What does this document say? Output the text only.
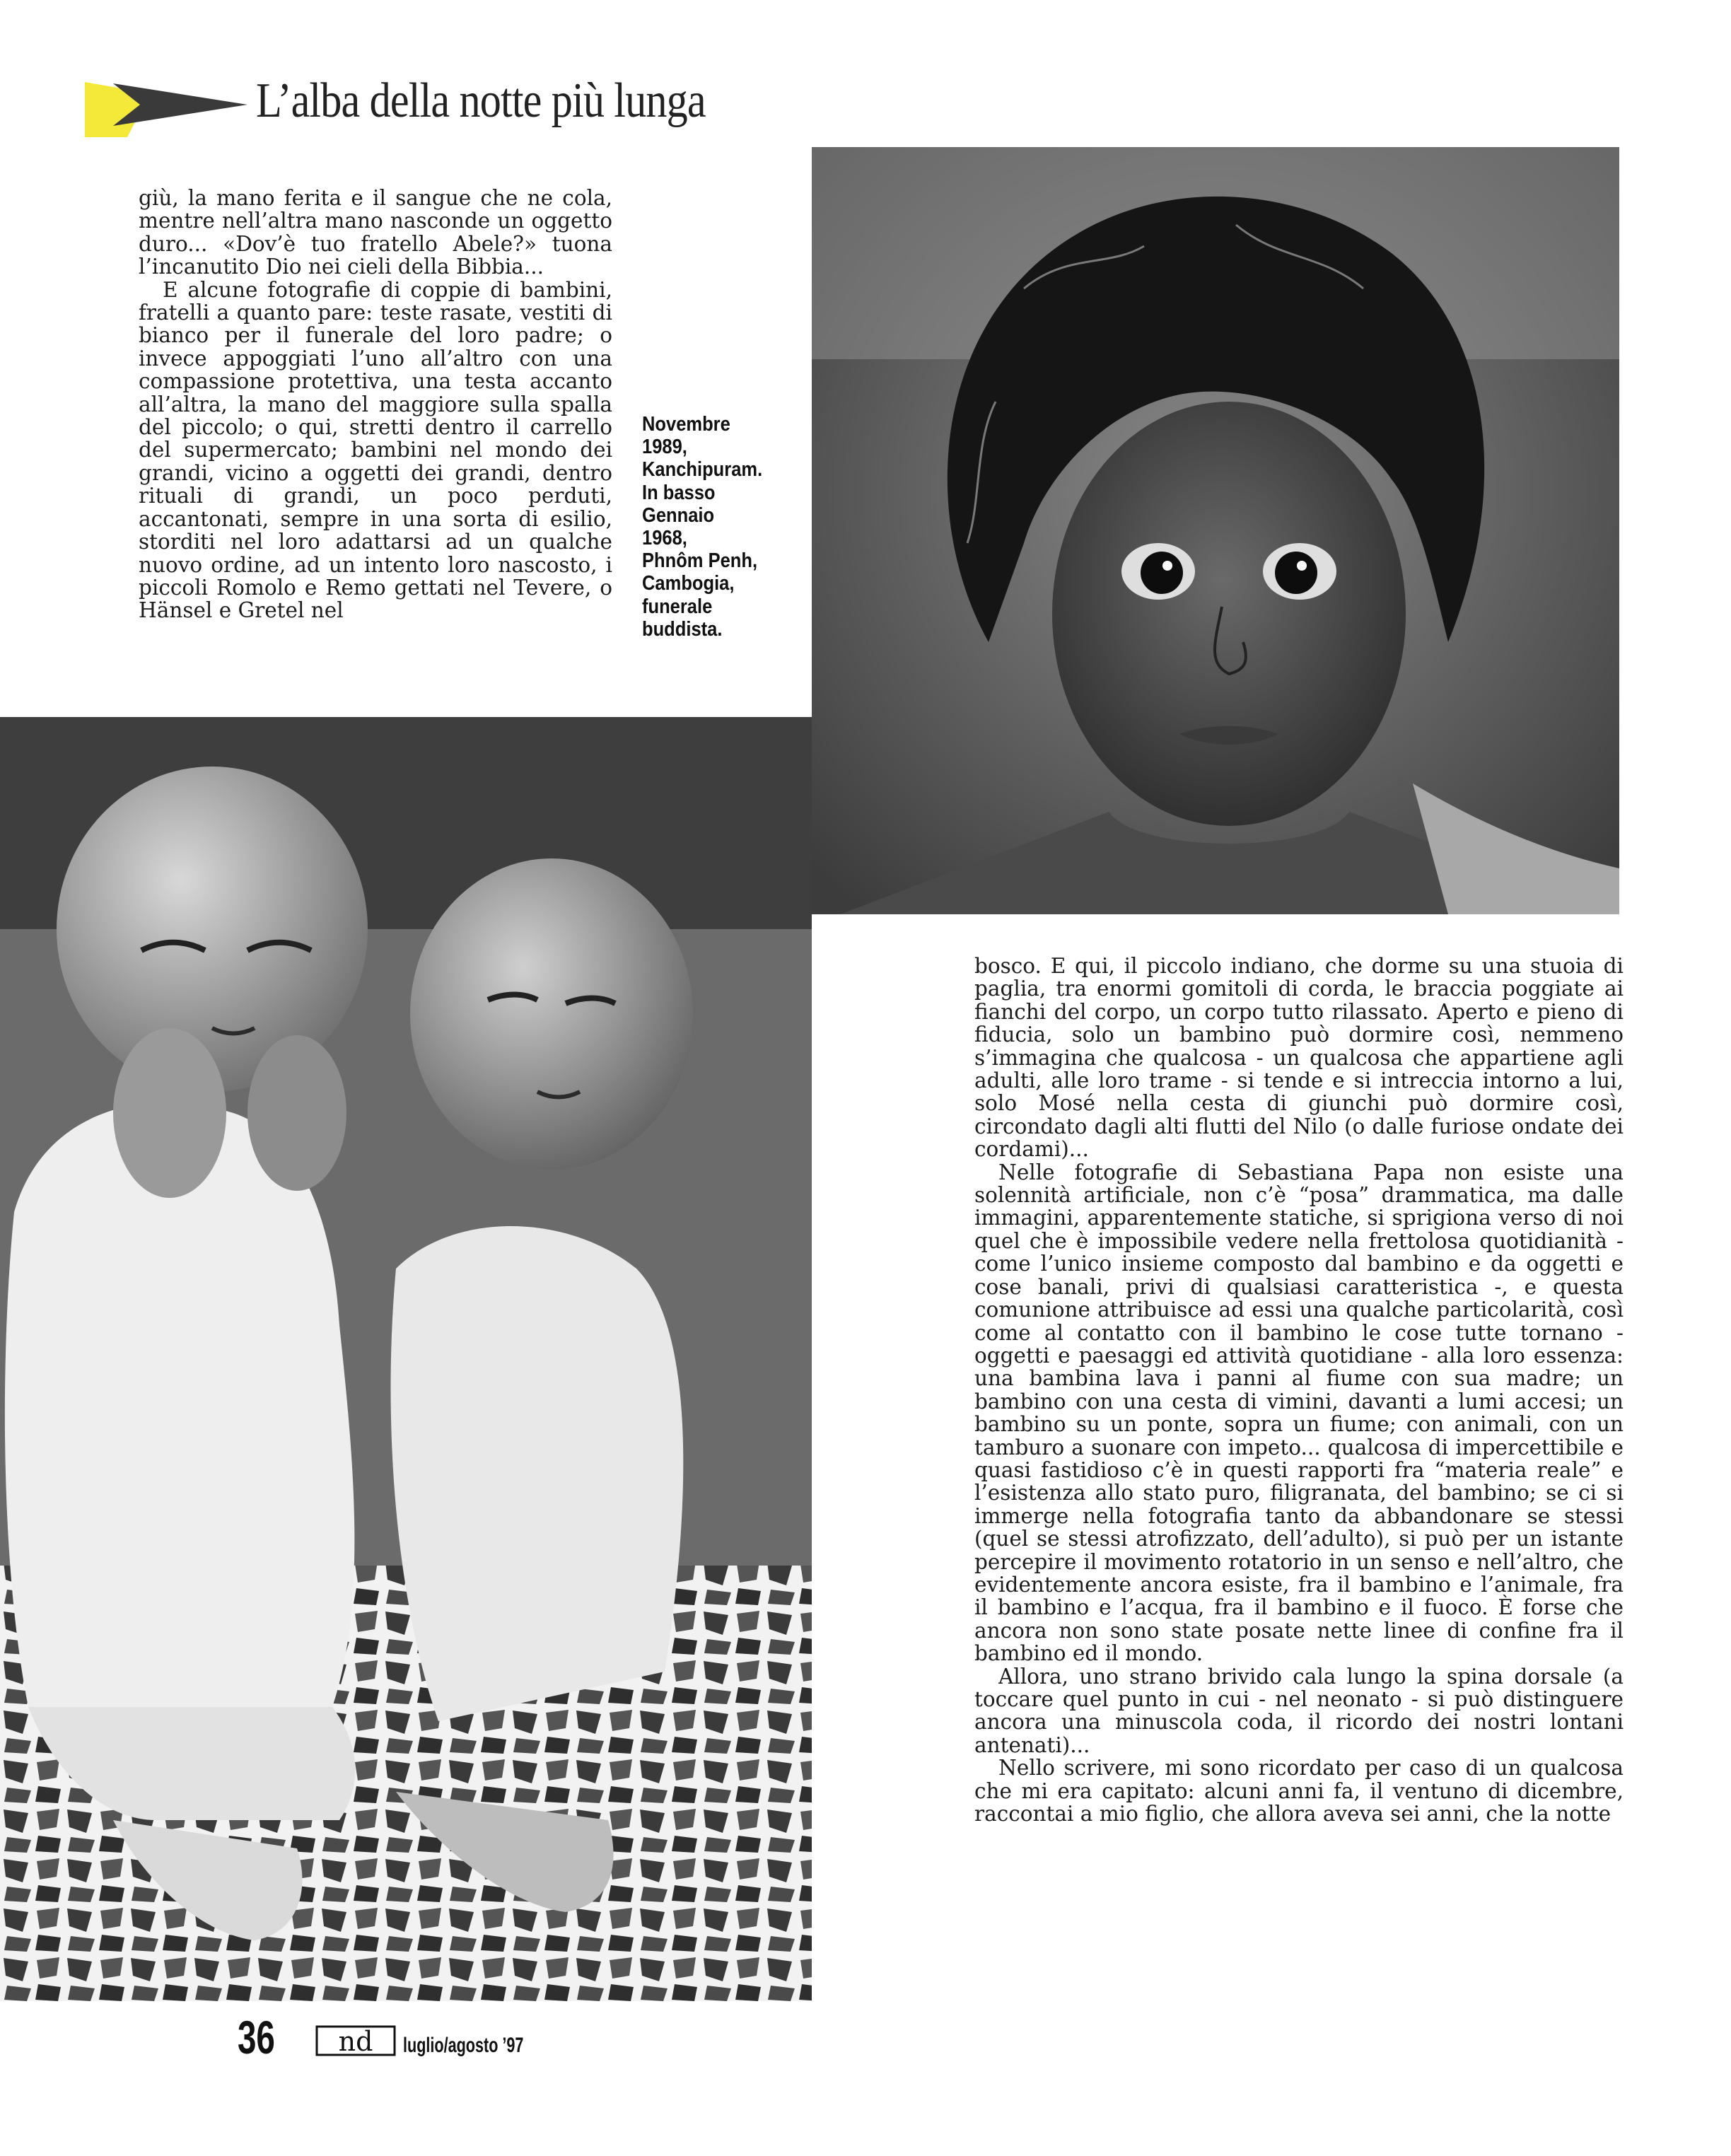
L’alba della notte più lunga

giù, la mano ferita e il sangue che ne cola, mentre nell’altra mano nasconde un oggetto duro... «Dov’è tuo fratello Abele?» tuona l’incanutito Dio nei cieli della Bibbia...

E alcune fotografie di coppie di bambini, fratelli a quanto pare: teste rasate, vestiti di bianco per il funerale del loro padre; o invece appoggiati l’uno all’altro con una compassione protettiva, una testa accanto all’altra, la mano del maggiore sulla spalla del piccolo; o qui, stretti dentro il carrello del supermercato; bambini nel mondo dei grandi, vicino a oggetti dei grandi, dentro rituali di grandi, un poco perduti, accantonati, sempre in una sorta di esilio, storditi nel loro adattarsi ad un qualche nuovo ordine, ad un intento loro nascosto, i piccoli Romolo e Remo gettati nel Tevere, o Hänsel e Gretel nel

Novembre
1989,
Kanchipuram.
In basso
Gennaio
1968,
Phnôm Penh,
Cambogia,
funerale
buddista.

bosco. E qui, il piccolo indiano, che dorme su una stuoia di paglia, tra enormi gomitoli di corda, le braccia poggiate ai fianchi del corpo, un corpo tutto rilassato. Aperto e pieno di fiducia, solo un bambino può dormire così, nemmeno s’immagina che qualcosa - un qualcosa che appartiene agli adulti, alle loro trame - si tende e si intreccia intorno a lui, solo Mosé nella cesta di giunchi può dormire così, circondato dagli alti flutti del Nilo (o dalle furiose ondate dei cordami)...

Nelle fotografie di Sebastiana Papa non esiste una solennità artificiale, non c’è “posa” drammatica, ma dalle immagini, apparentemente statiche, si sprigiona verso di noi quel che è impossibile vedere nella frettolosa quotidianità - come l’unico insieme composto dal bambino e da oggetti e cose banali, privi di qualsiasi caratteristica -, e questa comunione attribuisce ad essi una qualche particolarità, così come al contatto con il bambino le cose tutte tornano - oggetti e paesaggi ed attività quotidiane - alla loro essenza: una bambina lava i panni al fiume con sua madre; un bambino con una cesta di vimini, davanti a lumi accesi; un bambino su un ponte, sopra un fiume; con animali, con un tamburo a suonare con impeto... qualcosa di impercettibile e quasi fastidioso c’è in questi rapporti fra “materia reale” e l’esistenza allo stato puro, filigranata, del bambino; se ci si immerge nella fotografia tanto da abbandonare se stessi (quel se stessi atrofizzato, dell’adulto), si può per un istante percepire il movimento rotatorio in un senso e nell’altro, che evidentemente ancora esiste, fra il bambino e l’animale, fra il bambino e l’acqua, fra il bambino e il fuoco. È forse che ancora non sono state posate nette linee di confine fra il bambino ed il mondo.

Allora, uno strano brivido cala lungo la spina dorsale (a toccare quel punto in cui - nel neonato - si può distinguere ancora una minuscola coda, il ricordo dei nostri lontani antenati)...

Nello scrivere, mi sono ricordato per caso di un qualcosa che mi era capitato: alcuni anni fa, il ventuno di dicembre, raccontai a mio figlio, che allora aveva sei anni, che la notte

36 nd luglio/agosto ’97
